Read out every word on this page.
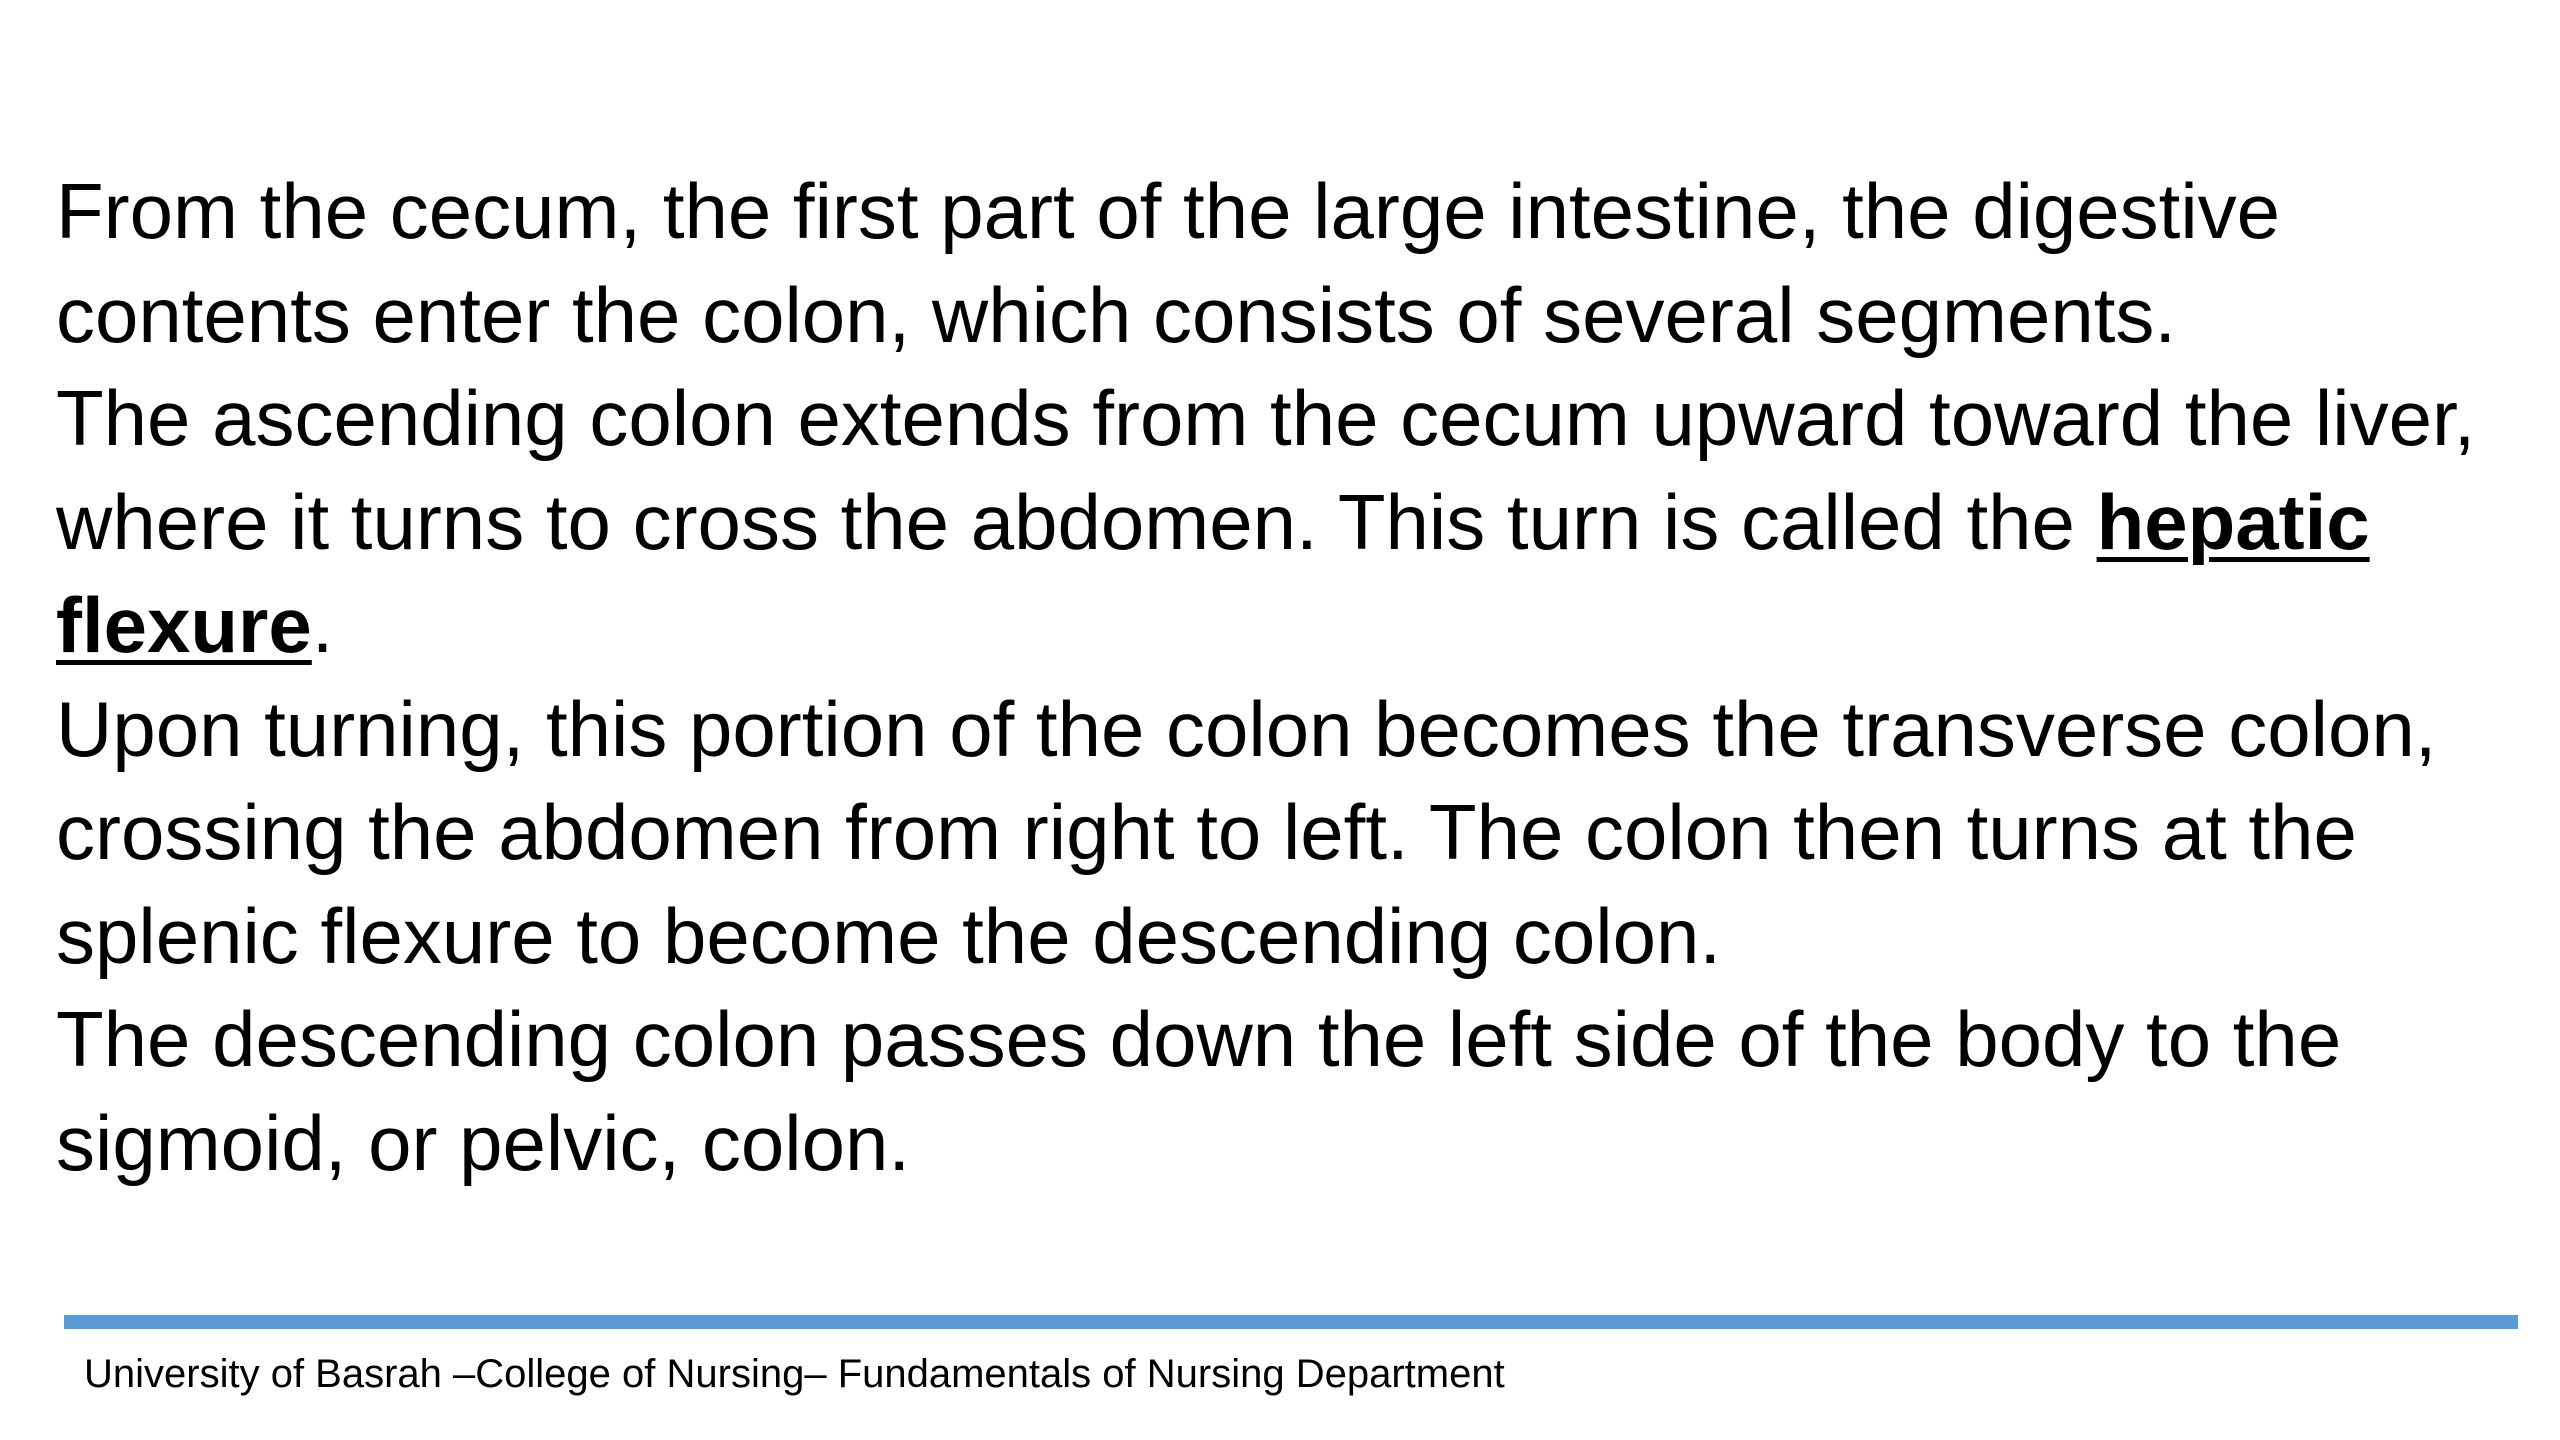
From the cecum, the first part of the large intestine, the digestive contents enter the colon, which consists of several segments.

The ascending colon extends from the cecum upward toward the liver, where it turns to cross the abdomen. This turn is called the hepatic flexure.

Upon turning, this portion of the colon becomes the transverse colon, crossing the abdomen from right to left. The colon then turns at the splenic flexure to become the descending colon.

The descending colon passes down the left side of the body to the sigmoid, or pelvic, colon.

University of Basrah –College of Nursing– Fundamentals of Nursing Department
